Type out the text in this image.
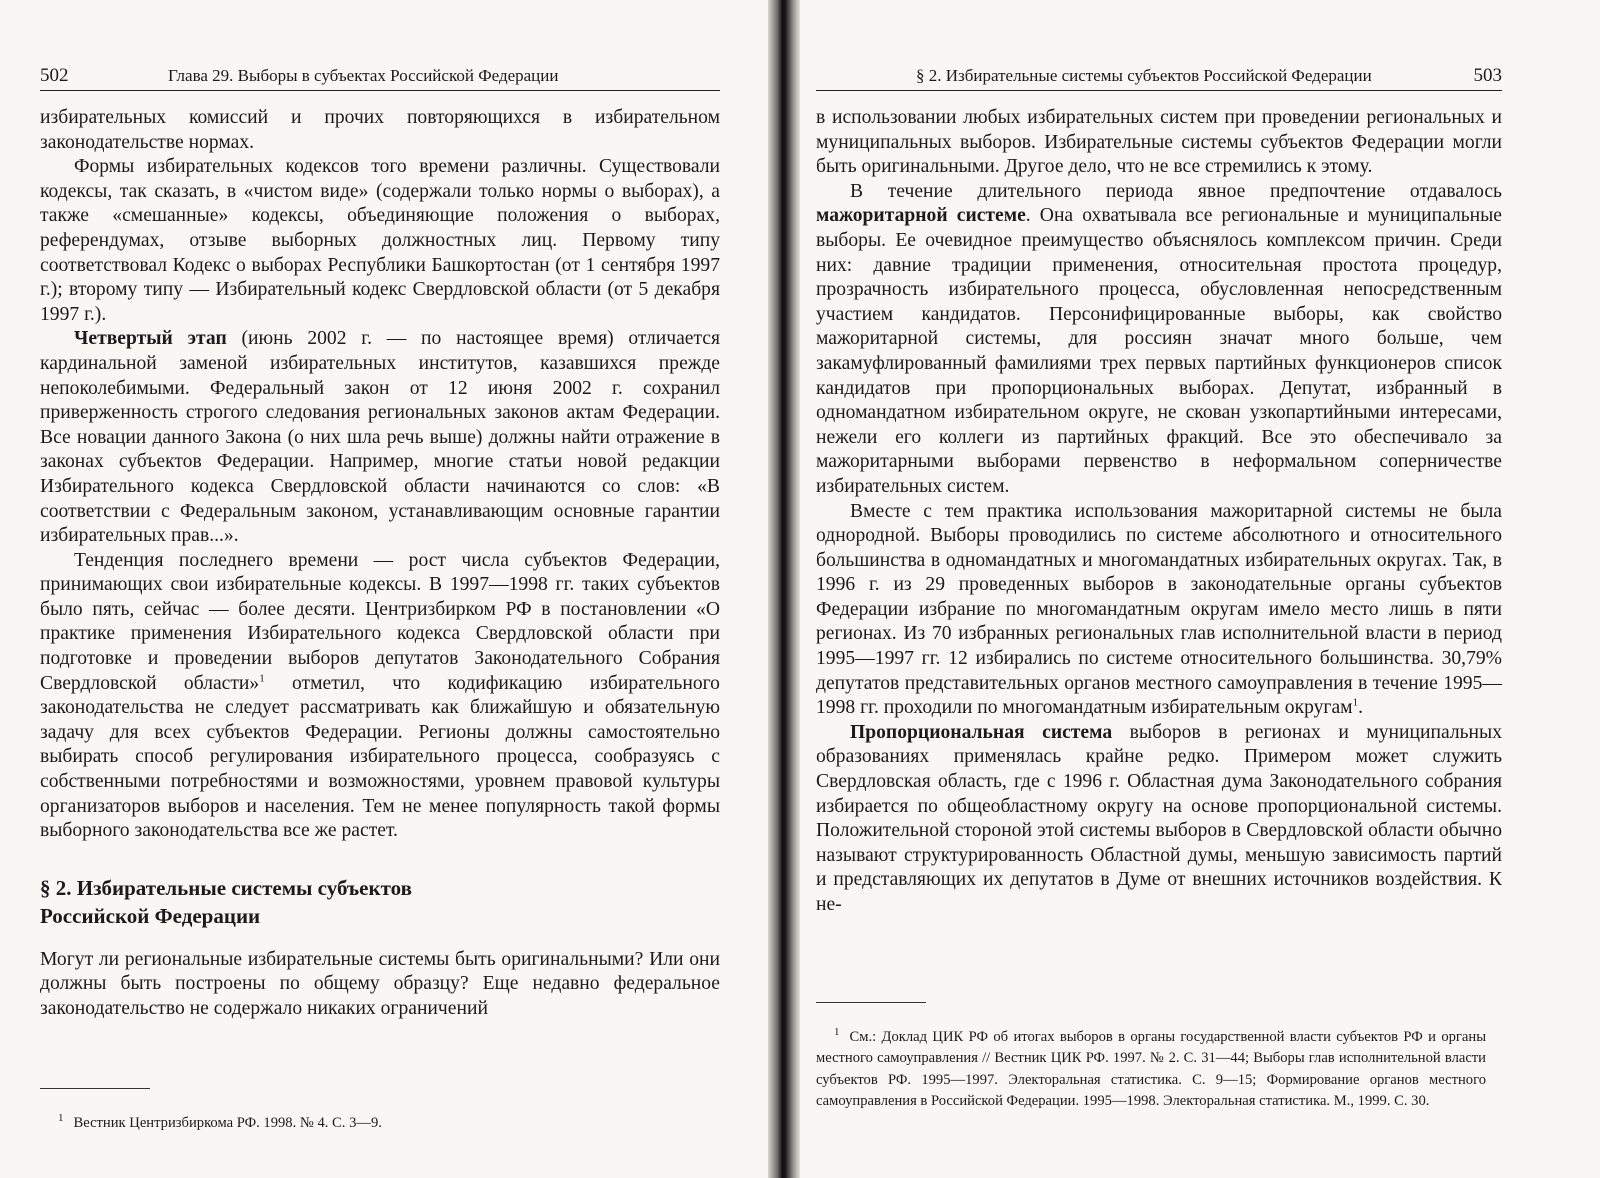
502	Глава 29. Выборы в субъектах Российской Федерации

избирательных комиссий и прочих повторяющихся в избирательном законодательстве нормах.

Формы избирательных кодексов того времени различны. Существовали кодексы, так сказать, в «чистом виде» (содержали только нормы о выборах), а также «смешанные» кодексы, объединяющие положения о выборах, референдумах, отзыве выборных должностных лиц. Первому типу соответствовал Кодекс о выборах Республики Башкортостан (от 1 сентября 1997 г.); второму типу — Избирательный кодекс Свердловской области (от 5 декабря 1997 г.).

Четвертый этап (июнь 2002 г. — по настоящее время) отличается кардинальной заменой избирательных институтов, казавшихся прежде непоколебимыми. Федеральный закон от 12 июня 2002 г. сохранил приверженность строгого следования региональных законов актам Федерации. Все новации данного Закона (о них шла речь выше) должны найти отражение в законах субъектов Федерации. Например, многие статьи новой редакции Избирательного кодекса Свердловской области начинаются со слов: «В соответствии с Федеральным законом, устанавливающим основные гарантии избирательных прав...».

Тенденция последнего времени — рост числа субъектов Федерации, принимающих свои избирательные кодексы. В 1997—1998 гг. таких субъектов было пять, сейчас — более десяти. Центризбирком РФ в постановлении «О практике применения Избирательного кодекса Свердловской области при подготовке и проведении выборов депутатов Законодательного Собрания Свердловской области»$^1$ отметил, что кодификацию избирательного законодательства не следует рассматривать как ближайшую и обязательную задачу для всех субъектов Федерации. Регионы должны самостоятельно выбирать способ регулирования избирательного процесса, сообразуясь с собственными потребностями и возможностями, уровнем правовой культуры организаторов выборов и населения. Тем не менее популярность такой формы выборного законодательства все же растет.

§ 2. Избирательные системы субъектов
Российской Федерации

Могут ли региональные избирательные системы быть оригинальными? Или они должны быть построены по общему образцу? Еще недавно федеральное законодательство не содержало никаких ограничений

$^1$ Вестник Центризбиркома РФ. 1998. № 4. С. 3—9.
§ 2. Избирательные системы субъектов Российской Федерации	503

в использовании любых избирательных систем при проведении региональных и муниципальных выборов. Избирательные системы субъектов Федерации могли быть оригинальными. Другое дело, что не все стремились к этому.

В течение длительного периода явное предпочтение отдавалось мажоритарной системе. Она охватывала все региональные и муниципальные выборы. Ее очевидное преимущество объяснялось комплексом причин. Среди них: давние традиции применения, относительная простота процедур, прозрачность избирательного процесса, обусловленная непосредственным участием кандидатов. Персонифицированные выборы, как свойство мажоритарной системы, для россиян значат много больше, чем закамуфлированный фамилиями трех первых партийных функционеров список кандидатов при пропорциональных выборах. Депутат, избранный в одномандатном избирательном округе, не скован узкопартийными интересами, нежели его коллеги из партийных фракций. Все это обеспечивало за мажоритарными выборами первенство в неформальном соперничестве избирательных систем.

Вместе с тем практика использования мажоритарной системы не была однородной. Выборы проводились по системе абсолютного и относительного большинства в одномандатных и многомандатных избирательных округах. Так, в 1996 г. из 29 проведенных выборов в законодательные органы субъектов Федерации избрание по многомандатным округам имело место лишь в пяти регионах. Из 70 избранных региональных глав исполнительной власти в период 1995—1997 гг. 12 избирались по системе относительного большинства. 30,79% депутатов представительных органов местного самоуправления в течение 1995—1998 гг. проходили по многомандатным избирательным округам$^1$.

Пропорциональная система выборов в регионах и муниципальных образованиях применялась крайне редко. Примером может служить Свердловская область, где с 1996 г. Областная дума Законодательного собрания избирается по общеобластному округу на основе пропорциональной системы. Положительной стороной этой системы выборов в Свердловской области обычно называют структурированность Областной думы, меньшую зависимость партий и представляющих их депутатов в Думе от внешних источников воздействия. К не-

$^1$ См.: Доклад ЦИК РФ об итогах выборов в органы государственной власти субъектов РФ и органы местного самоуправления // Вестник ЦИК РФ. 1997. № 2. С. 31—44; Выборы глав исполнительной власти субъектов РФ. 1995—1997. Электоральная статистика. С. 9—15; Формирование органов местного самоуправления в Российской Федерации. 1995—1998. Электоральная статистика. М., 1999. С. 30.
